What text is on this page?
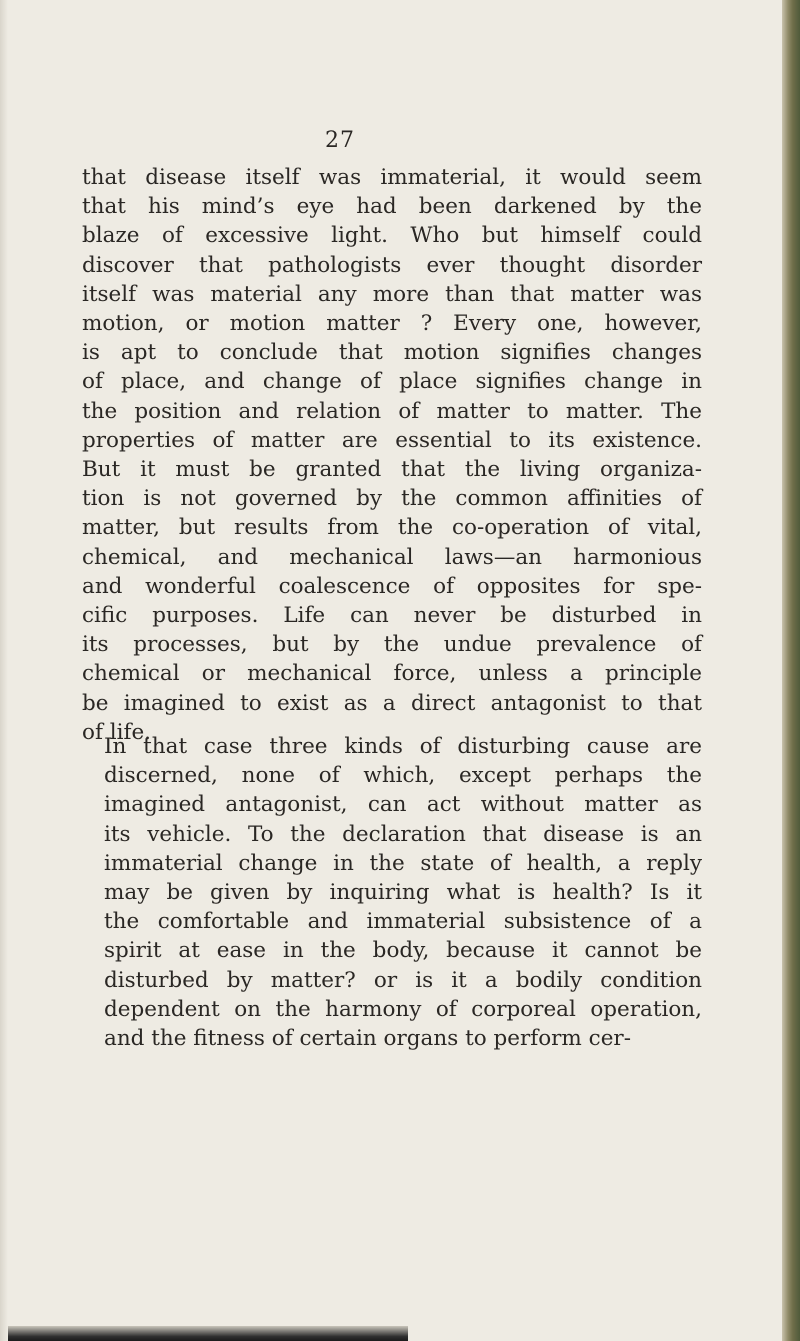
27
that disease itself was immaterial, it would seem
that his mind’s eye had been darkened by the
blaze of excessive light. Who but himself could
discover that pathologists ever thought disorder
itself was material any more than that matter was
motion, or motion matter ? Every one, however,
is apt to conclude that motion signifies changes
of place, and change of place signifies change in
the position and relation of matter to matter. The
properties of matter are essential to its existence.
But it must be granted that the living organiza-
tion is not governed by the common affinities of
matter, but results from the co-operation of vital,
chemical, and mechanical laws—an harmonious
and wonderful coalescence of opposites for spe-
cific purposes. Life can never be disturbed in
its processes, but by the undue prevalence of
chemical or mechanical force, unless a principle
be imagined to exist as a direct antagonist to that
of life.
In that case three kinds of disturbing cause are
discerned, none of which, except perhaps the
imagined antagonist, can act without matter as
its vehicle. To the declaration that disease is an
immaterial change in the state of health, a reply
may be given by inquiring what is health? Is it
the comfortable and immaterial subsistence of a
spirit at ease in the body, because it cannot be
disturbed by matter? or is it a bodily condition
dependent on the harmony of corporeal operation,
and the fitness of certain organs to perform cer-
